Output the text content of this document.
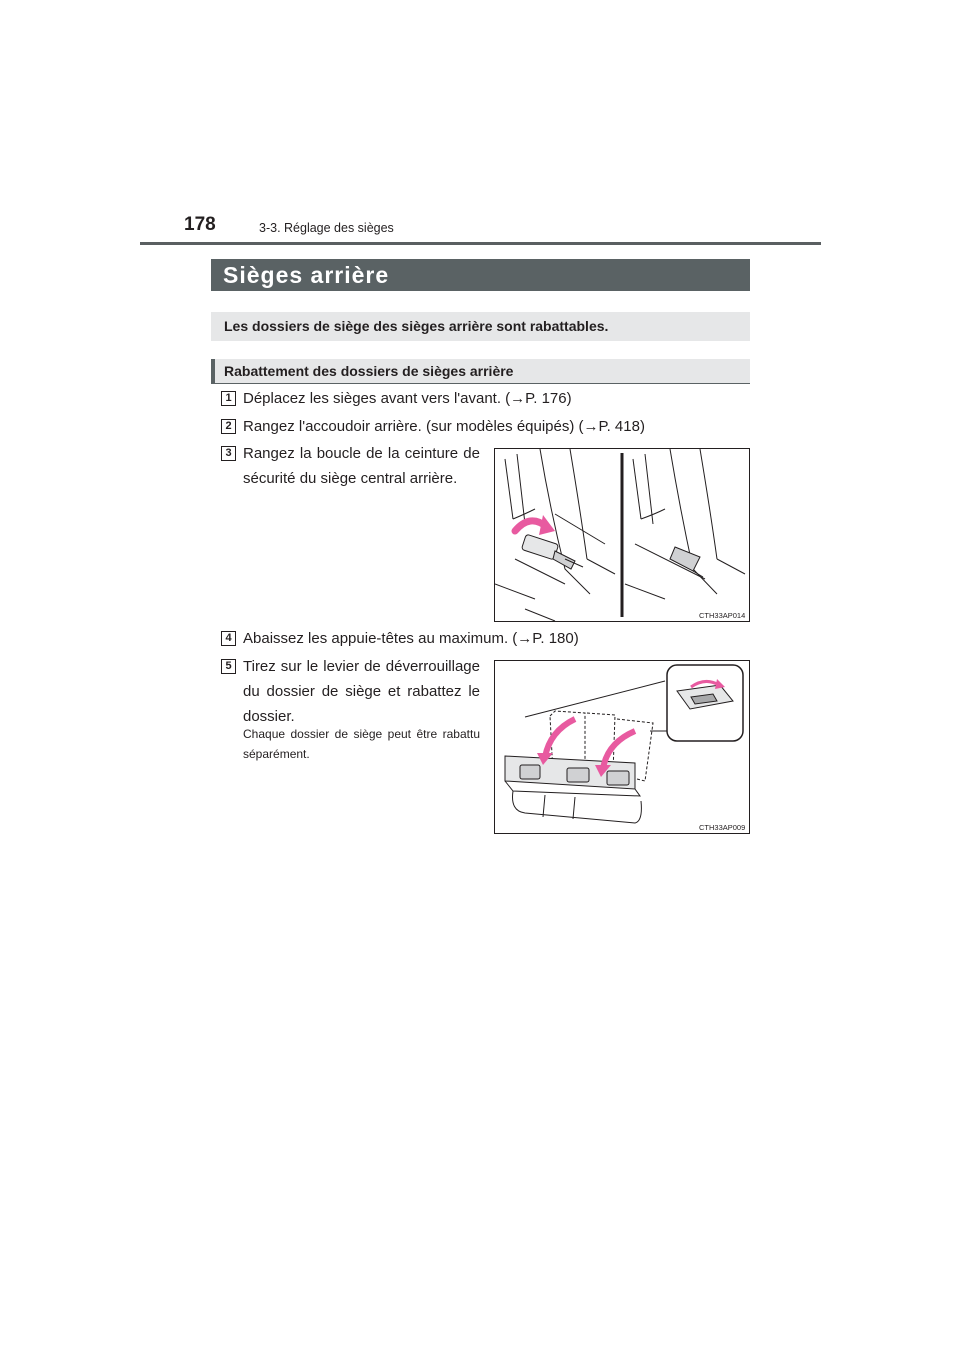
178	3-3. Réglage des sièges
Sièges arrière
Les dossiers de siège des sièges arrière sont rabattables.
Rabattement des dossiers de sièges arrière
1 Déplacez les sièges avant vers l'avant. (→P. 176)
2 Rangez l'accoudoir arrière. (sur modèles équipés) (→P. 418)
3 Rangez la boucle de la ceinture de sécurité du siège central arrière.
CTH33AP014
4 Abaissez les appuie-têtes au maximum. (→P. 180)
5 Tirez sur le levier de déverrouillage du dossier de siège et rabattez le dossier.
Chaque dossier de siège peut être rabattu séparément.
CTH33AP009
